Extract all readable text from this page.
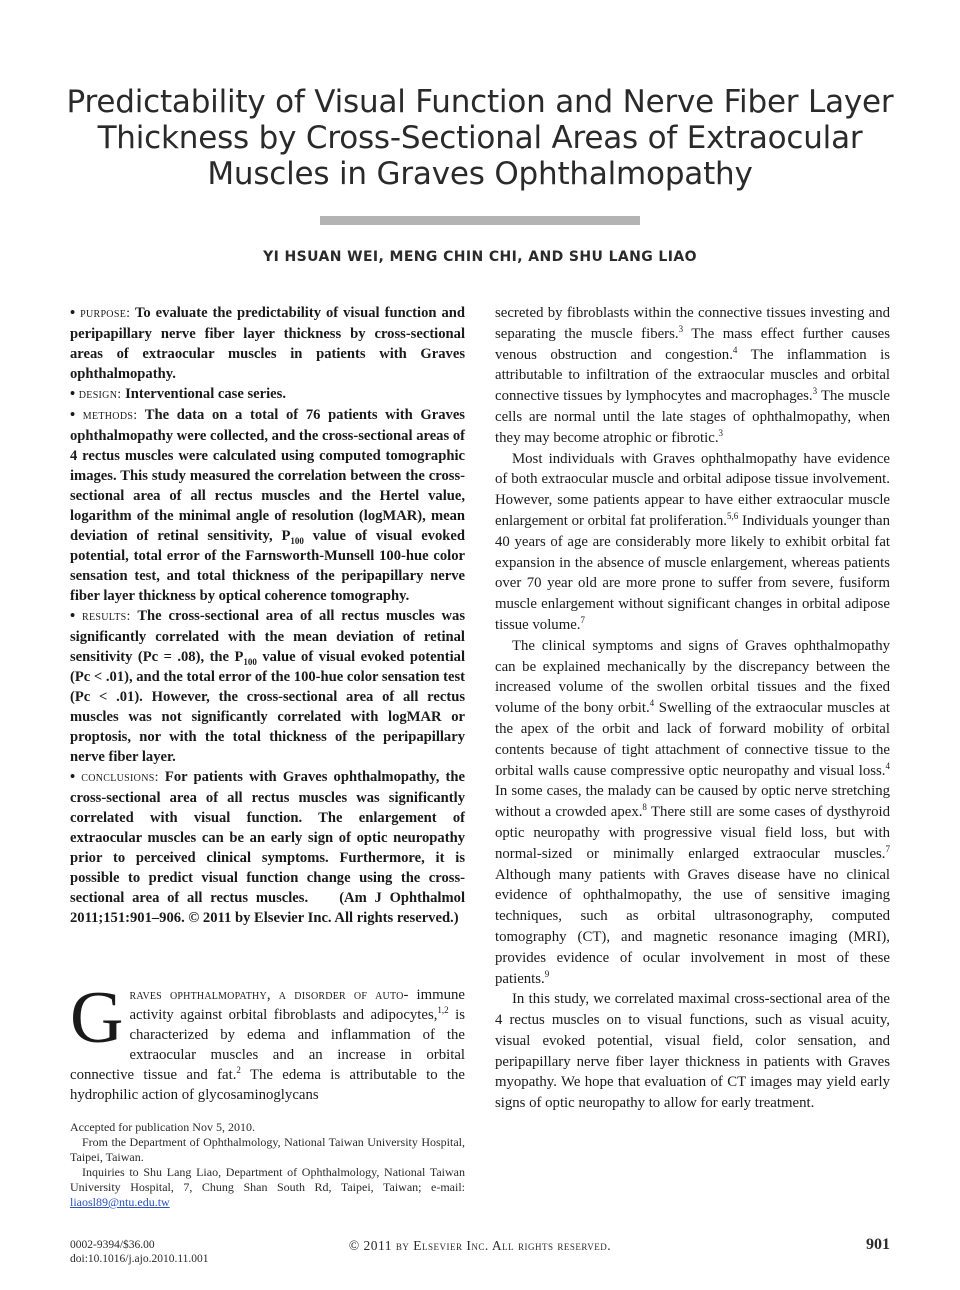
Predictability of Visual Function and Nerve Fiber Layer Thickness by Cross-Sectional Areas of Extraocular Muscles in Graves Ophthalmopathy
YI HSUAN WEI, MENG CHIN CHI, AND SHU LANG LIAO
• purpose: To evaluate the predictability of visual function and peripapillary nerve fiber layer thickness by cross-sectional areas of extraocular muscles in patients with Graves ophthalmopathy.
• design: Interventional case series.
• methods: The data on a total of 76 patients with Graves ophthalmopathy were collected, and the cross-sectional areas of 4 rectus muscles were calculated using computed tomographic images. This study measured the correlation between the cross-sectional area of all rectus muscles and the Hertel value, logarithm of the minimal angle of resolution (logMAR), mean deviation of retinal sensitivity, $P_{100}$ value of visual evoked potential, total error of the Farnsworth-Munsell 100-hue color sensation test, and total thickness of the peripapillary nerve fiber layer thickness by optical coherence tomography.
• results: The cross-sectional area of all rectus muscles was significantly correlated with the mean deviation of retinal sensitivity (Pc = .08), the $P_{100}$ value of visual evoked potential (Pc < .01), and the total error of the 100-hue color sensation test (Pc < .01). However, the cross-sectional area of all rectus muscles was not significantly correlated with logMAR or proptosis, nor with the total thickness of the peripapillary nerve fiber layer.
• conclusions: For patients with Graves ophthalmopathy, the cross-sectional area of all rectus muscles was significantly correlated with visual function. The enlargement of extraocular muscles can be an early sign of optic neuropathy prior to perceived clinical symptoms. Furthermore, it is possible to predict visual function change using the cross-sectional area of all rectus muscles. (Am J Ophthalmol 2011;151:901–906. © 2011 by Elsevier Inc. All rights reserved.)
Graves ophthalmopathy, a disorder of auto- immune activity against orbital fibroblasts and adipocytes,$^{1,2}$ is characterized by edema and inflammation of the extraocular muscles and an increase in orbital connective tissue and fat.$^2$ The edema is attributable to the hydrophilic action of glycosaminoglycans

Accepted for publication Nov 5, 2010.

From the Department of Ophthalmology, National Taiwan University Hospital, Taipei, Taiwan.

Inquiries to Shu Lang Liao, Department of Ophthalmology, National Taiwan University Hospital, 7, Chung Shan South Rd, Taipei, Taiwan; e-mail: liaosl89@ntu.edu.tw

secreted by fibroblasts within the connective tissues investing and separating the muscle fibers.$^3$ The mass effect further causes venous obstruction and congestion.$^4$ The inflammation is attributable to infiltration of the extraocular muscles and orbital connective tissues by lymphocytes and macrophages.$^3$ The muscle cells are normal until the late stages of ophthalmopathy, when they may become atrophic or fibrotic.$^3$

Most individuals with Graves ophthalmopathy have evidence of both extraocular muscle and orbital adipose tissue involvement. However, some patients appear to have either extraocular muscle enlargement or orbital fat proliferation.$^{5,6}$ Individuals younger than 40 years of age are considerably more likely to exhibit orbital fat expansion in the absence of muscle enlargement, whereas patients over 70 year old are more prone to suffer from severe, fusiform muscle enlargement without significant changes in orbital adipose tissue volume.$^7$

The clinical symptoms and signs of Graves ophthalmopathy can be explained mechanically by the discrepancy between the increased volume of the swollen orbital tissues and the fixed volume of the bony orbit.$^4$ Swelling of the extraocular muscles at the apex of the orbit and lack of forward mobility of orbital contents because of tight attachment of connective tissue to the orbital walls cause compressive optic neuropathy and visual loss.$^4$ In some cases, the malady can be caused by optic nerve stretching without a crowded apex.$^8$ There still are some cases of dysthyroid optic neuropathy with progressive visual field loss, but with normal-sized or minimally enlarged extraocular muscles.$^7$ Although many patients with Graves disease have no clinical evidence of ophthalmopathy, the use of sensitive imaging techniques, such as orbital ultrasonography, computed tomography (CT), and magnetic resonance imaging (MRI), provides evidence of ocular involvement in most of these patients.$^9$

In this study, we correlated maximal cross-sectional area of the 4 rectus muscles on to visual functions, such as visual acuity, visual evoked potential, visual field, color sensation, and peripapillary nerve fiber layer thickness in patients with Graves myopathy. We hope that evaluation of CT images may yield early signs of optic neuropathy to allow for early treatment.

0002-9394/$36.00
doi:10.1016/j.ajo.2010.11.001
© 2011 by Elsevier Inc. All rights reserved.	901
